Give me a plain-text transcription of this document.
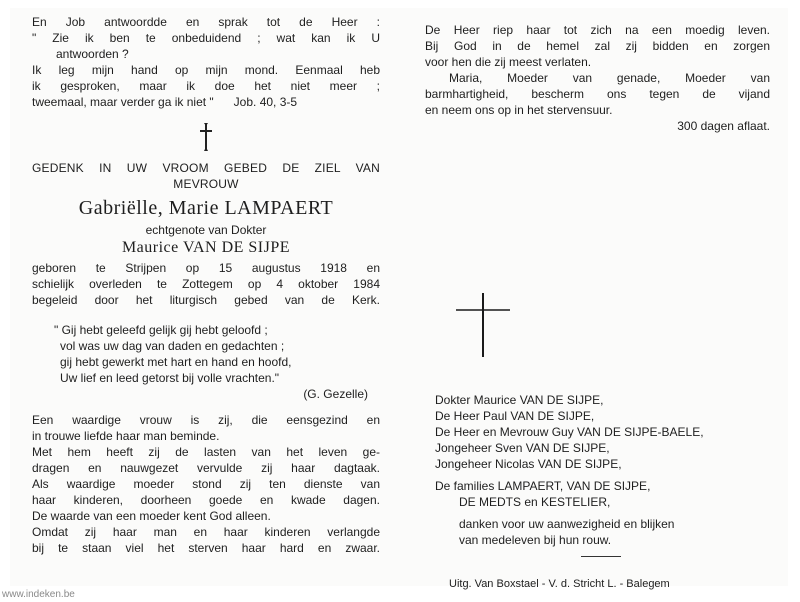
En Job antwoordde en sprak tot de Heer :
" Zie ik ben te onbeduidend ; wat kan ik U
antwoorden ?
Ik leg mijn hand op mijn mond. Eenmaal heb
ik gesproken, maar ik doe het niet meer ;
tweemaal, maar verder ga ik niet "      Job. 40, 3-5
GEDENK IN UW VROOM GEBED DE ZIEL VAN
MEVROUW
Gabriëlle, Marie LAMPAERT
echtgenote van Dokter
Maurice VAN DE SIJPE
geboren te Strijpen op 15 augustus 1918 en
schielijk overleden te Zottegem op 4 oktober 1984
begeleid door het liturgisch gebed van de Kerk.
" Gij hebt geleefd gelijk gij hebt geloofd ;
vol was uw dag van daden en gedachten ;
gij hebt gewerkt met hart en hand en hoofd,
Uw lief en leed getorst bij volle vrachten."
(G. Gezelle)
Een waardige vrouw is zij, die eensgezind en
in trouwe liefde haar man beminde.
Met hem heeft zij de lasten van het leven ge-
dragen en nauwgezet vervulde zij haar dagtaak.
Als waardige moeder stond zij ten dienste van
haar kinderen, doorheen goede en kwade dagen.
De waarde van een moeder kent God alleen.
Omdat zij haar man en haar kinderen verlangde
bij te staan viel het sterven haar hard en zwaar.
De Heer riep haar tot zich na een moedig leven.
Bij God in de hemel zal zij bidden en zorgen
voor hen die zij meest verlaten.
Maria, Moeder van genade, Moeder van
barmhartigheid, bescherm ons tegen de vijand
en neem ons op in het stervensuur.
300 dagen aflaat.
Dokter Maurice VAN DE SIJPE,
De Heer Paul VAN DE SIJPE,
De Heer en Mevrouw Guy VAN DE SIJPE-BAELE,
Jongeheer Sven VAN DE SIJPE,
Jongeheer Nicolas VAN DE SIJPE,
De families LAMPAERT, VAN DE SIJPE,
DE MEDTS en KESTELIER,
danken voor uw aanwezigheid en blijken
van medeleven bij hun rouw.
Uitg. Van Boxstael - V. d. Stricht L. - Balegem
www.indeken.be
